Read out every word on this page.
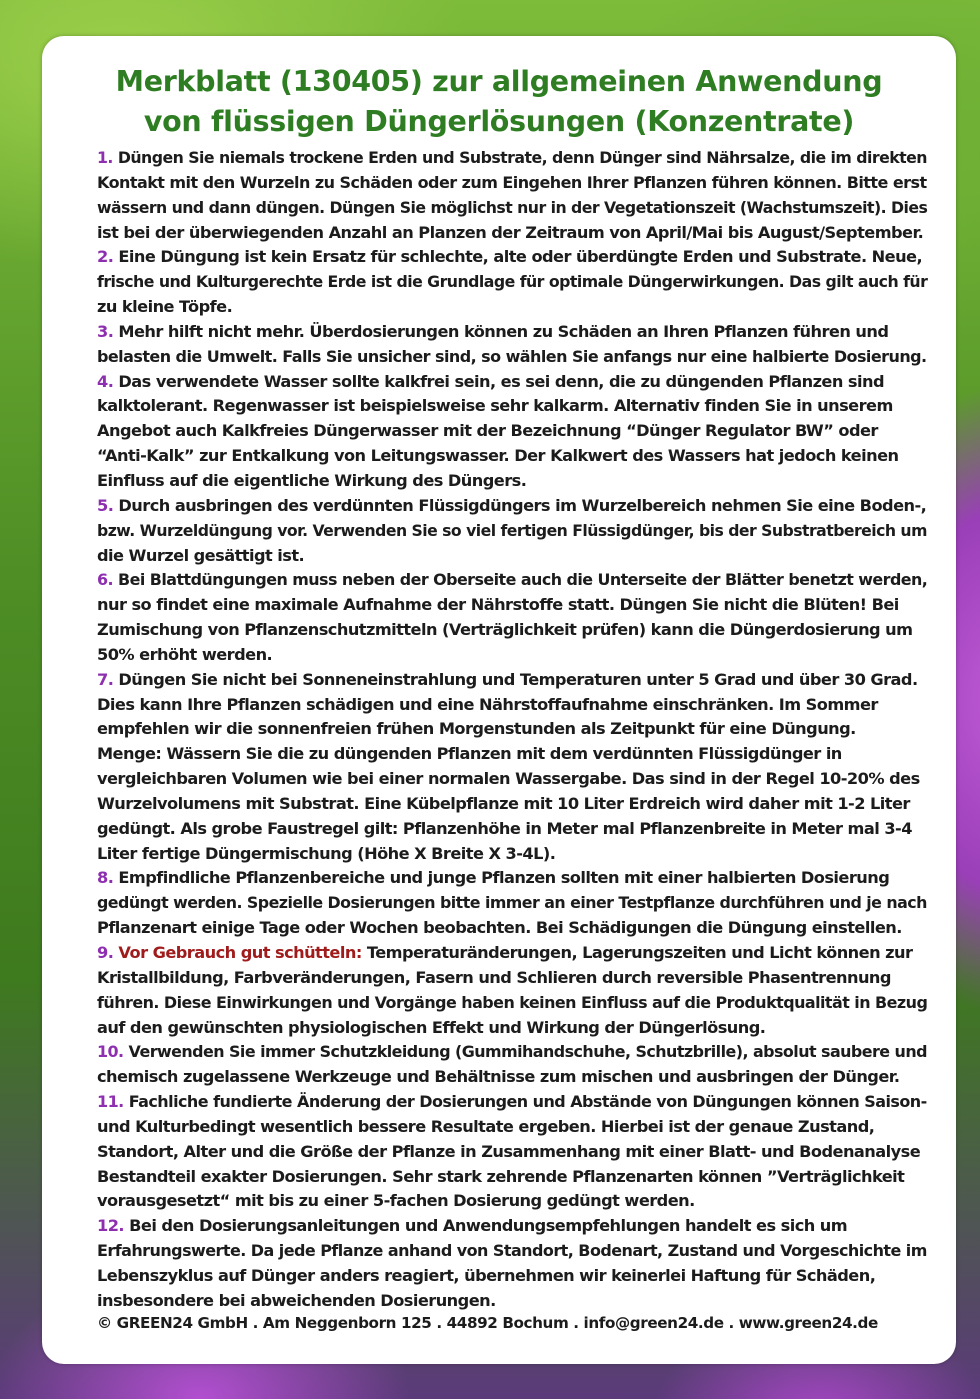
Merkblatt (130405) zur allgemeinen Anwendung
von flüssigen Düngerlösungen (Konzentrate)
1. Düngen Sie niemals trockene Erden und Substrate, denn Dünger sind Nährsalze, die im direkten
Kontakt mit den Wurzeln zu Schäden oder zum Eingehen Ihrer Pflanzen führen können. Bitte erst
wässern und dann düngen. Düngen Sie möglichst nur in der Vegetationszeit (Wachstumszeit). Dies
ist bei der überwiegenden Anzahl an Planzen der Zeitraum von April/Mai bis August/September.
2. Eine Düngung ist kein Ersatz für schlechte, alte oder überdüngte Erden und Substrate. Neue,
frische und Kulturgerechte Erde ist die Grundlage für optimale Düngerwirkungen. Das gilt auch für
zu kleine Töpfe.
3. Mehr hilft nicht mehr. Überdosierungen können zu Schäden an Ihren Pflanzen führen und
belasten die Umwelt. Falls Sie unsicher sind, so wählen Sie anfangs nur eine halbierte Dosierung.
4. Das verwendete Wasser sollte kalkfrei sein, es sei denn, die zu düngenden Pflanzen sind
kalktolerant. Regenwasser ist beispielsweise sehr kalkarm. Alternativ finden Sie in unserem
Angebot auch Kalkfreies Düngerwasser mit der Bezeichnung “Dünger Regulator BW” oder
“Anti-Kalk” zur Entkalkung von Leitungswasser. Der Kalkwert des Wassers hat jedoch keinen
Einfluss auf die eigentliche Wirkung des Düngers.
5. Durch ausbringen des verdünnten Flüssigdüngers im Wurzelbereich nehmen Sie eine Boden-,
bzw. Wurzeldüngung vor. Verwenden Sie so viel fertigen Flüssigdünger, bis der Substratbereich um
die Wurzel gesättigt ist.
6. Bei Blattdüngungen muss neben der Oberseite auch die Unterseite der Blätter benetzt werden,
nur so findet eine maximale Aufnahme der Nährstoffe statt. Düngen Sie nicht die Blüten! Bei
Zumischung von Pflanzenschutzmitteln (Verträglichkeit prüfen) kann die Düngerdosierung um
50% erhöht werden.
7. Düngen Sie nicht bei Sonneneinstrahlung und Temperaturen unter 5 Grad und über 30 Grad.
Dies kann Ihre Pflanzen schädigen und eine Nährstoffaufnahme einschränken. Im Sommer
empfehlen wir die sonnenfreien frühen Morgenstunden als Zeitpunkt für eine Düngung.
Menge: Wässern Sie die zu düngenden Pflanzen mit dem verdünnten Flüssigdünger in
vergleichbaren Volumen wie bei einer normalen Wassergabe. Das sind in der Regel 10-20% des
Wurzelvolumens mit Substrat. Eine Kübelpflanze mit 10 Liter Erdreich wird daher mit 1-2 Liter
gedüngt. Als grobe Faustregel gilt: Pflanzenhöhe in Meter mal Pflanzenbreite in Meter mal 3-4
Liter fertige Düngermischung (Höhe X Breite X 3-4L).
8. Empfindliche Pflanzenbereiche und junge Pflanzen sollten mit einer halbierten Dosierung
gedüngt werden. Spezielle Dosierungen bitte immer an einer Testpflanze durchführen und je nach
Pflanzenart einige Tage oder Wochen beobachten. Bei Schädigungen die Düngung einstellen.
9. Vor Gebrauch gut schütteln: Temperaturänderungen, Lagerungszeiten und Licht können zur
Kristallbildung, Farbveränderungen, Fasern und Schlieren durch reversible Phasentrennung
führen. Diese Einwirkungen und Vorgänge haben keinen Einfluss auf die Produktqualität in Bezug
auf den gewünschten physiologischen Effekt und Wirkung der Düngerlösung.
10. Verwenden Sie immer Schutzkleidung (Gummihandschuhe, Schutzbrille), absolut saubere und
chemisch zugelassene Werkzeuge und Behältnisse zum mischen und ausbringen der Dünger.
11. Fachliche fundierte Änderung der Dosierungen und Abstände von Düngungen können Saison-
und Kulturbedingt wesentlich bessere Resultate ergeben. Hierbei ist der genaue Zustand,
Standort, Alter und die Größe der Pflanze in Zusammenhang mit einer Blatt- und Bodenanalyse
Bestandteil exakter Dosierungen. Sehr stark zehrende Pflanzenarten können ”Verträglichkeit
vorausgesetzt“ mit bis zu einer 5-fachen Dosierung gedüngt werden.
12. Bei den Dosierungsanleitungen und Anwendungsempfehlungen handelt es sich um
Erfahrungswerte. Da jede Pflanze anhand von Standort, Bodenart, Zustand und Vorgeschichte im
Lebenszyklus auf Dünger anders reagiert, übernehmen wir keinerlei Haftung für Schäden,
insbesondere bei abweichenden Dosierungen.
© GREEN24 GmbH . Am Neggenborn 125 . 44892 Bochum . info@green24.de . www.green24.de
